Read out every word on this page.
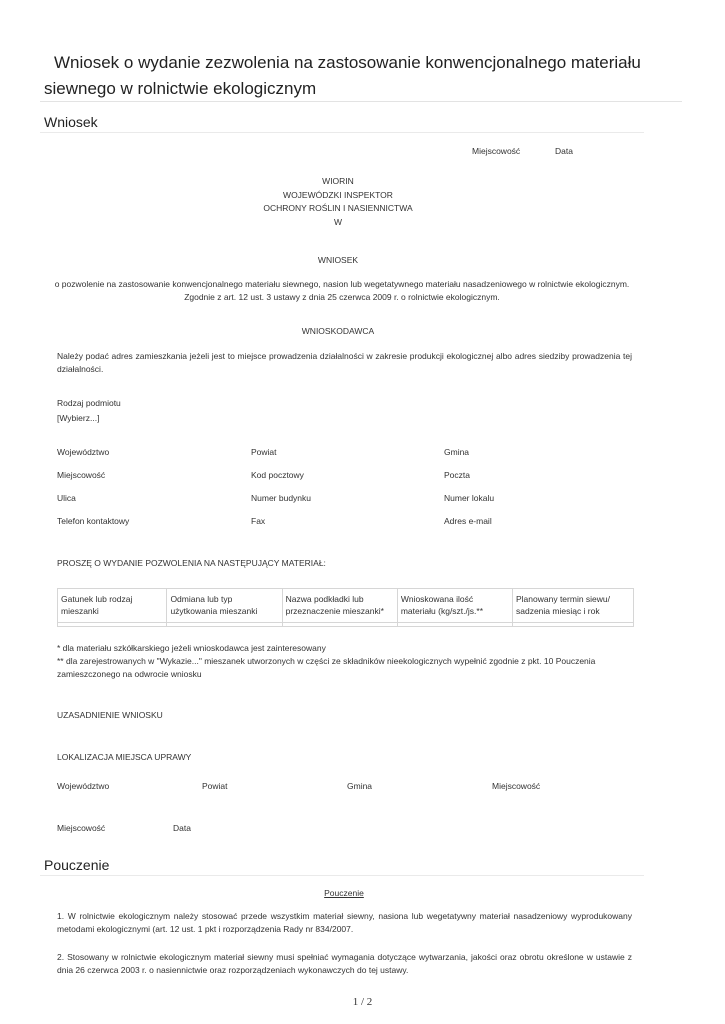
Wniosek o wydanie zezwolenia na zastosowanie konwencjonalnego materiału siewnego w rolnictwie ekologicznym
Wniosek
Miejscowość	Data
WIORIN
WOJEWÓDZKI INSPEKTOR
OCHRONY ROŚLIN I NASIENNICTWA
W
WNIOSEK
o pozwolenie na zastosowanie konwencjonalnego materiału siewnego, nasion lub wegetatywnego materiału nasadzeniowego w rolnictwie ekologicznym.
Zgodnie z art. 12 ust. 3 ustawy z dnia 25 czerwca 2009 r. o rolnictwie ekologicznym.
WNIOSKODAWCA
Należy podać adres zamieszkania jeżeli jest to miejsce prowadzenia działalności w zakresie produkcji ekologicznej albo adres siedziby prowadzenia tej działalności.
Rodzaj podmiotu
[Wybierz...]
Województwo	Powiat	Gmina
Miejscowość	Kod pocztowy	Poczta
Ulica	Numer budynku	Numer lokalu
Telefon kontaktowy	Fax	Adres e-mail
PROSZĘ O WYDANIE POZWOLENIA NA NASTĘPUJĄCY MATERIAŁ:
Gatunek lub rodzaj mieszanki	Odmiana lub typ użytkowania mieszanki	Nazwa podkładki lub przeznaczenie mieszanki*	Wnioskowana ilość materiału (kg/szt./js.**	Planowany termin siewu/ sadzenia miesiąc i rok

* dla materiału szkółkarskiego jeżeli wnioskodawca jest zainteresowany
** dla zarejestrowanych w "Wykazie..." mieszanek utworzonych w części ze składników nieekologicznych wypełnić zgodnie z pkt. 10 Pouczenia zamieszczonego na odwrocie wniosku
UZASADNIENIE WNIOSKU
LOKALIZACJA MIEJSCA UPRAWY
Województwo	Powiat	Gmina	Miejscowość
Miejscowość	Data
Pouczenie
Pouczenie
1. W rolnictwie ekologicznym należy stosować przede wszystkim materiał siewny, nasiona lub wegetatywny materiał nasadzeniowy wyprodukowany metodami ekologicznymi (art. 12 ust. 1 pkt i rozporządzenia Rady nr 834/2007.
2. Stosowany w rolnictwie ekologicznym materiał siewny musi spełniać wymagania dotyczące wytwarzania, jakości oraz obrotu określone w ustawie z dnia 26 czerwca 2003 r. o nasiennictwie oraz rozporządzeniach wykonawczych do tej ustawy.
1 / 2
